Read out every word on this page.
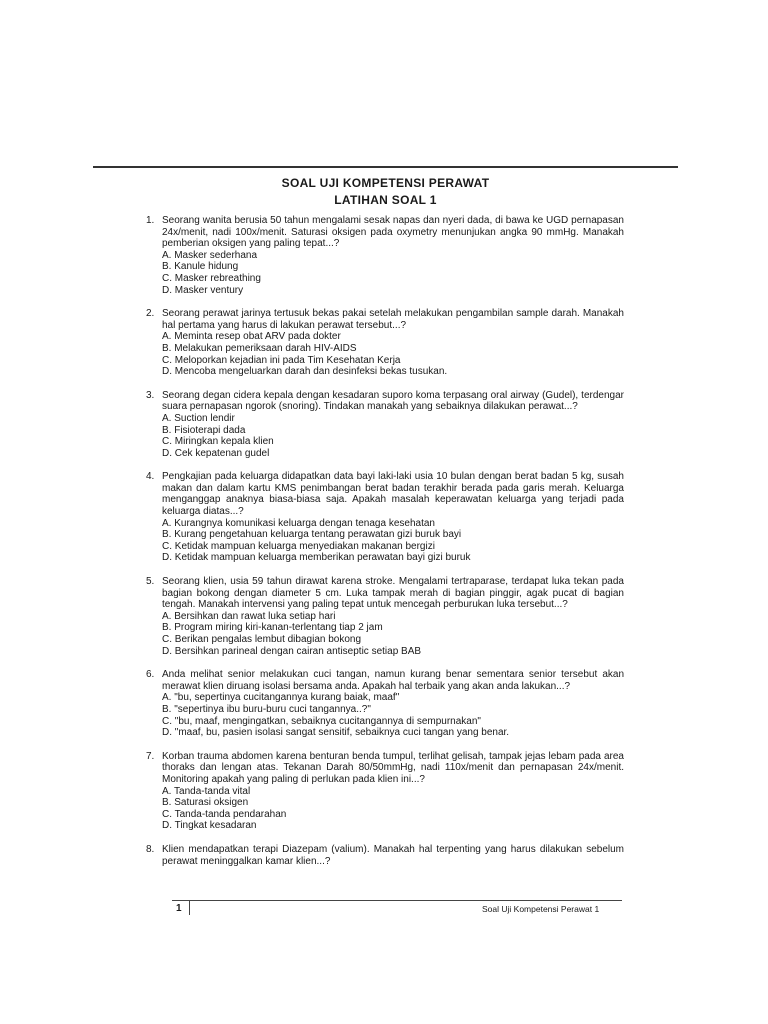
SOAL UJI KOMPETENSI PERAWAT
LATIHAN SOAL 1
1. Seorang wanita berusia 50 tahun mengalami sesak napas dan nyeri dada, di bawa ke UGD pernapasan 24x/menit, nadi 100x/menit. Saturasi oksigen pada oxymetry menunjukan angka 90 mmHg. Manakah pemberian oksigen yang paling tepat...?

A. Masker sederhana
B. Kanule hidung
C. Masker rebreathing
D. Masker ventury
2. Seorang perawat jarinya tertusuk bekas pakai setelah melakukan pengambilan sample darah. Manakah hal pertama yang harus di lakukan perawat tersebut...?

A. Meminta resep obat ARV pada dokter
B. Melakukan pemeriksaan darah HIV-AIDS
C. Meloporkan kejadian ini pada Tim Kesehatan Kerja
D. Mencoba mengeluarkan darah dan desinfeksi bekas tusukan.
3. Seorang degan cidera kepala dengan kesadaran suporo koma terpasang oral airway (Gudel), terdengar suara pernapasan ngorok (snoring). Tindakan manakah yang sebaiknya dilakukan perawat...?

A. Suction lendir
B. Fisioterapi dada
C. Miringkan kepala klien
D. Cek kepatenan gudel
4. Pengkajian pada keluarga didapatkan data bayi laki-laki usia 10 bulan dengan berat badan 5 kg, susah makan dan dalam kartu KMS penimbangan berat badan terakhir berada pada garis merah. Keluarga menganggap anaknya biasa-biasa saja. Apakah masalah keperawatan keluarga yang terjadi pada keluarga diatas...?

A. Kurangnya komunikasi keluarga dengan tenaga kesehatan
B. Kurang pengetahuan keluarga tentang perawatan gizi buruk bayi
C. Ketidak mampuan keluarga menyediakan makanan bergizi
D. Ketidak mampuan keluarga memberikan perawatan bayi gizi buruk
5. Seorang klien, usia 59 tahun dirawat karena stroke. Mengalami tertraparase, terdapat luka tekan pada bagian bokong dengan diameter 5 cm. Luka tampak merah di bagian pinggir, agak pucat di bagian tengah. Manakah intervensi yang paling tepat untuk mencegah perburukan luka tersebut...?

A. Bersihkan dan rawat luka setiap hari
B. Program miring kiri-kanan-terlentang tiap 2 jam
C. Berikan pengalas lembut dibagian bokong
D. Bersihkan parineal dengan cairan antiseptic setiap BAB
6. Anda melihat senior melakukan cuci tangan, namun kurang benar sementara senior tersebut akan merawat klien diruang isolasi bersama anda. Apakah hal terbaik yang akan anda lakukan...?

A. "bu, sepertinya cucitangannya kurang baiak, maaf"
B. "sepertinya ibu buru-buru cuci tangannya..?"
C. "bu, maaf, mengingatkan, sebaiknya cucitangannya di sempurnakan"
D. "maaf, bu, pasien isolasi sangat sensitif, sebaiknya cuci tangan yang benar.
7. Korban trauma abdomen karena benturan benda tumpul, terlihat gelisah, tampak jejas lebam pada area thoraks dan lengan atas. Tekanan Darah 80/50mmHg, nadi 110x/menit dan pernapasan 24x/menit. Monitoring apakah yang paling di perlukan pada klien ini...?

A. Tanda-tanda vital
B. Saturasi oksigen
C. Tanda-tanda pendarahan
D. Tingkat kesadaran
8. Klien mendapatkan terapi Diazepam (valium). Manakah hal terpenting yang harus dilakukan sebelum perawat meninggalkan kamar klien...?

1	Soal Uji Kompetensi Perawat 1
